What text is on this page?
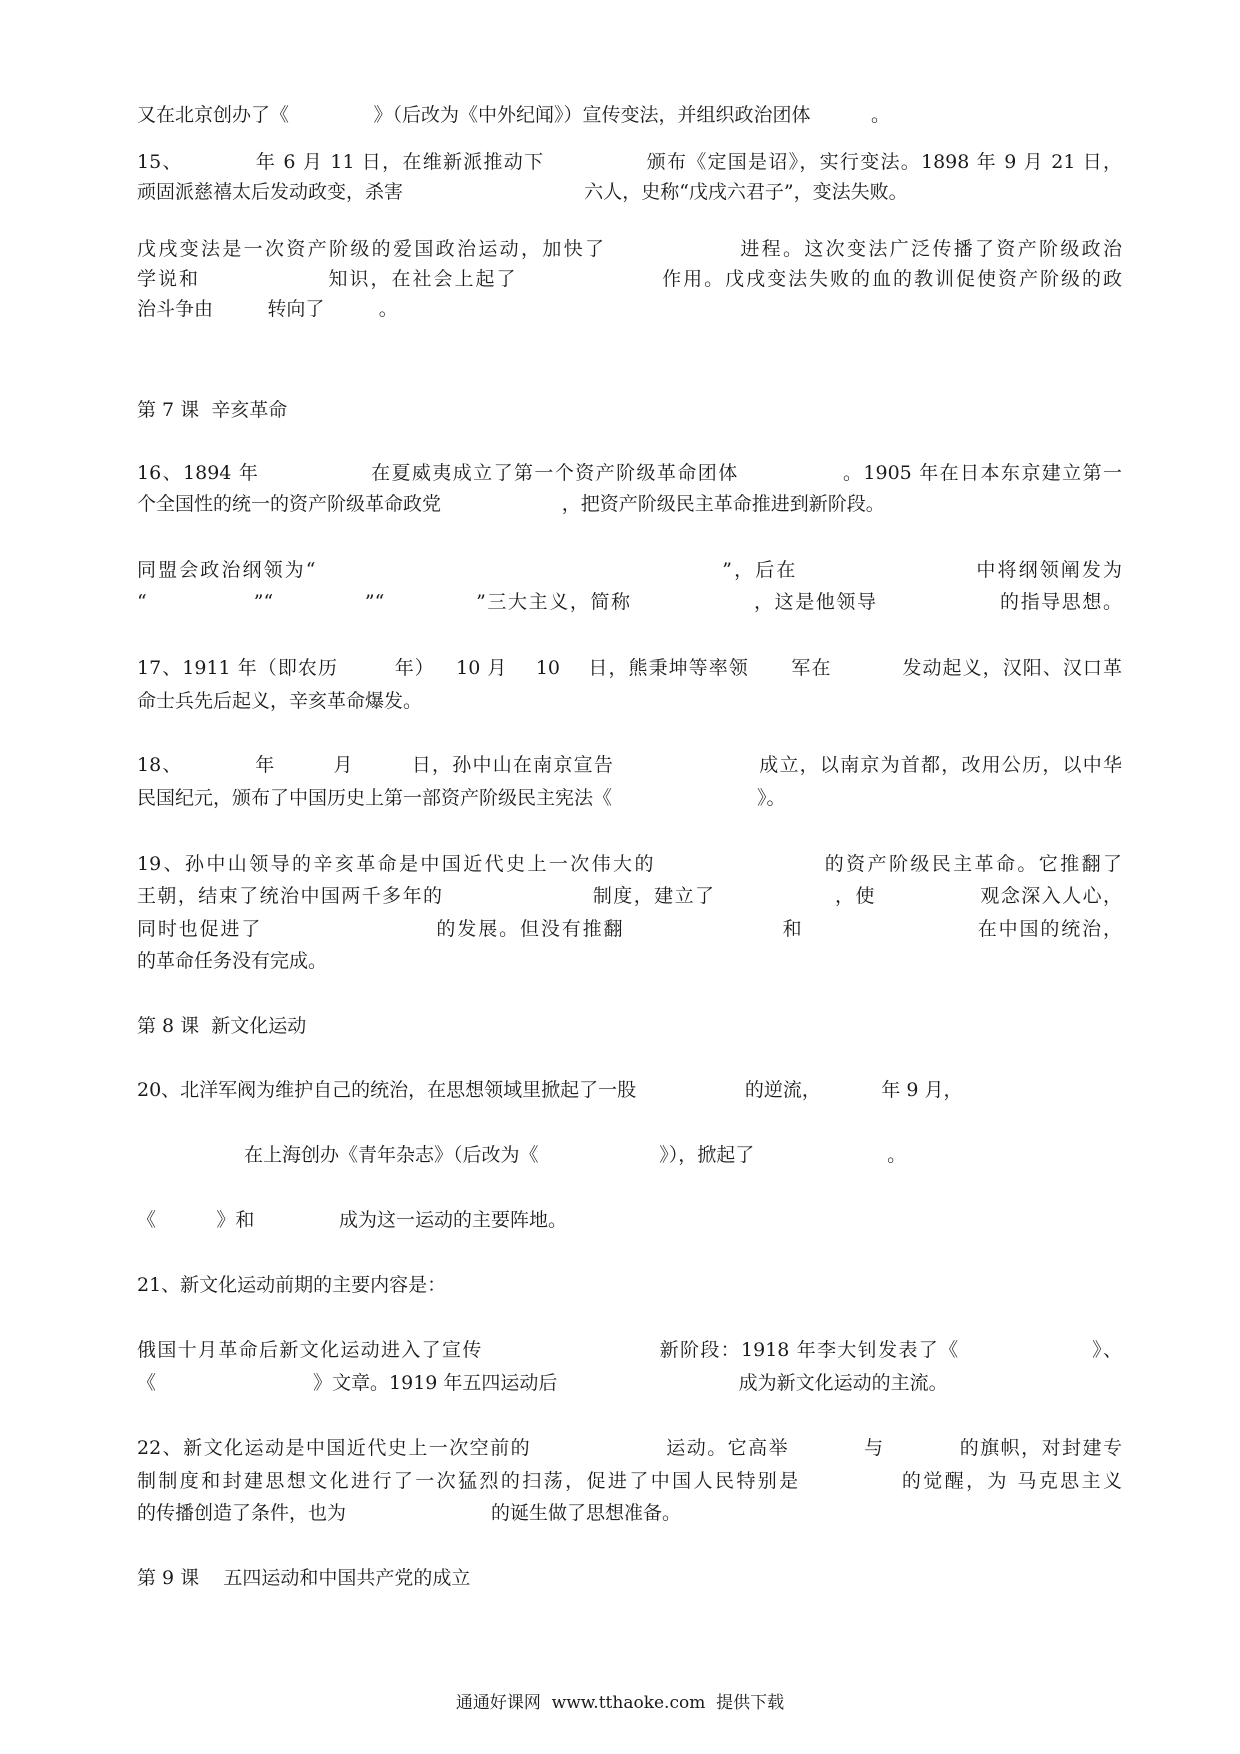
又在北京创办了《              》（后改为《中外纪闻》）宣传变法，并组织政治团体          。
15、          年 6 月 11 日，在维新派推动下              颁布《定国是诏》，实行变法。1898 年 9 月 21 日，
顽固派慈禧太后发动政变，杀害                              六人，史称“戊戌六君子”，变法失败。
戊戌变法是一次资产阶级的爱国政治运动，加快了                进程。这次变法广泛传播了资产阶级政治
学说和                知识，在社会上起了                  作用。戊戌变法失败的血的教训促使资产阶级的政
治斗争由         转向了         。
第 7 课  辛亥革命
16、1894 年               在夏威夷成立了第一个资产阶级革命团体              。1905 年在日本东京建立第一
个全国性的统一的资产阶级革命政党                    ，把资产阶级民主革命推进到新阶段。
同盟会政治纲领为“                                                  ”，后在                      中将纲领阐发为
“              ”“            ”“            ”三大主义，简称                ，这是他领导                的指导思想。
17、1911 年（即农历        年）   10 月    10    日，熊秉坤等率领      军在          发动起义，汉阳、汉口革
命士兵先后起义，辛亥革命爆发。
18、          年        月        日，孙中山在南京宣告                    成立，以南京为首都，改用公历，以中华
民国纪元，颁布了中国历史上第一部资产阶级民主宪法《                        》。
19、孙中山领导的辛亥革命是中国近代史上一次伟大的                    的资产阶级民主革命。它推翻了
王朝，结束了统治中国两千多年的                    制度，建立了                ，使              观念深入人心，
同时也促进了                      的发展。但没有推翻                    和                      在中国的统治，
的革命任务没有完成。
第 8 课  新文化运动
20、北洋军阀为维护自己的统治，在思想领域里掀起了一股                  的逆流，          年 9 月，
在上海创办《青年杂志》（后改为《                    》），掀起了                      。
《          》和              成为这一运动的主要阵地。
21、新文化运动前期的主要内容是：
俄国十月革命后新文化运动进入了宣传                        新阶段：1918 年李大钊发表了《                  》、
《                          》文章。1919 年五四运动后                              成为新文化运动的主流。
22、新文化运动是中国近代史上一次空前的                  运动。它高举          与          的旗帜，对封建专
制制度和封建思想文化进行了一次猛烈的扫荡，促进了中国人民特别是            的觉醒，为 马克思主义
的传播创造了条件，也为                        的诞生做了思想准备。
第 9 课    五四运动和中国共产党的成立
通通好课网  www.tthaoke.com  提供下载
